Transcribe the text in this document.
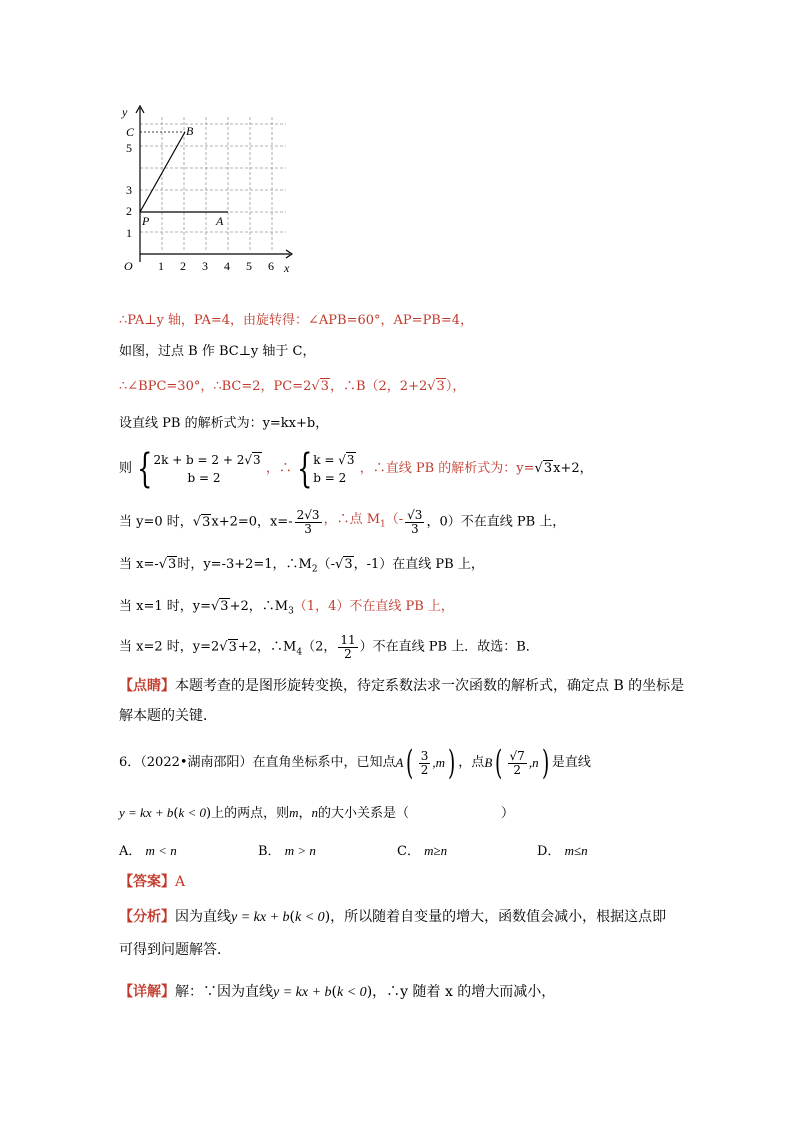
y
x
O 1 2 3 4 5 6
1
2
3
5
C	B
P	A
∴PA⊥y 轴，PA=4，由旋转得：∠APB=60°，AP=PB=4，
如图，过点 B 作 BC⊥y 轴于 C，
∴∠BPC=30°，∴BC=2，PC=2√3，∴B（2，2+2√3），
设直线 PB 的解析式为：y=kx+b，
则 { 2k + b = 2 + 2√3
b = 2
，∴ { k = √3
b = 2
，∴直线 PB 的解析式为：y=√3x+2，
当 y=0 时，√3x+2=0，$x=- \frac{2√3}{3}$ ，∴点 $M_1(- \frac{√3}{3}$ ，0）不在直线 PB 上，
当 x=-√3时，y=-3+2=1，$\therefore M_2(-√3$，-1）在直线 PB 上，
当 x=1 时，y=√3+2，$\therefore M_3(1$，4）不在直线 PB 上，
当 x=2 时，y=2√3+2，$\therefore M_4(2$， $\frac{11}{2}$ ）不在直线 PB 上．故选：B．
【点睛】本题考查的是图形旋转变换，待定系数法求一次函数的解析式，确定点 B 的坐标是
解本题的关键．
6．（2022•湖南邵阳）在直角坐标系中，已知点$A( \frac{3}{2} ,m)$ ，点$B( \frac{√7}{2} ,n)$ 是直线
y = kx + b(k < 0)上的两点，则m，n的大小关系是（	）
A． m < n	B． m > n	C． m≥n	D． m≤n
【答案】A
【分析】因为直线y = kx + b(k < 0)，所以随着自变量的增大，函数值会减小，根据这点即
可得到问题解答．
【详解】解：∵因为直线y = kx + b(k < 0)，∴y 随着 x 的增大而减小，
